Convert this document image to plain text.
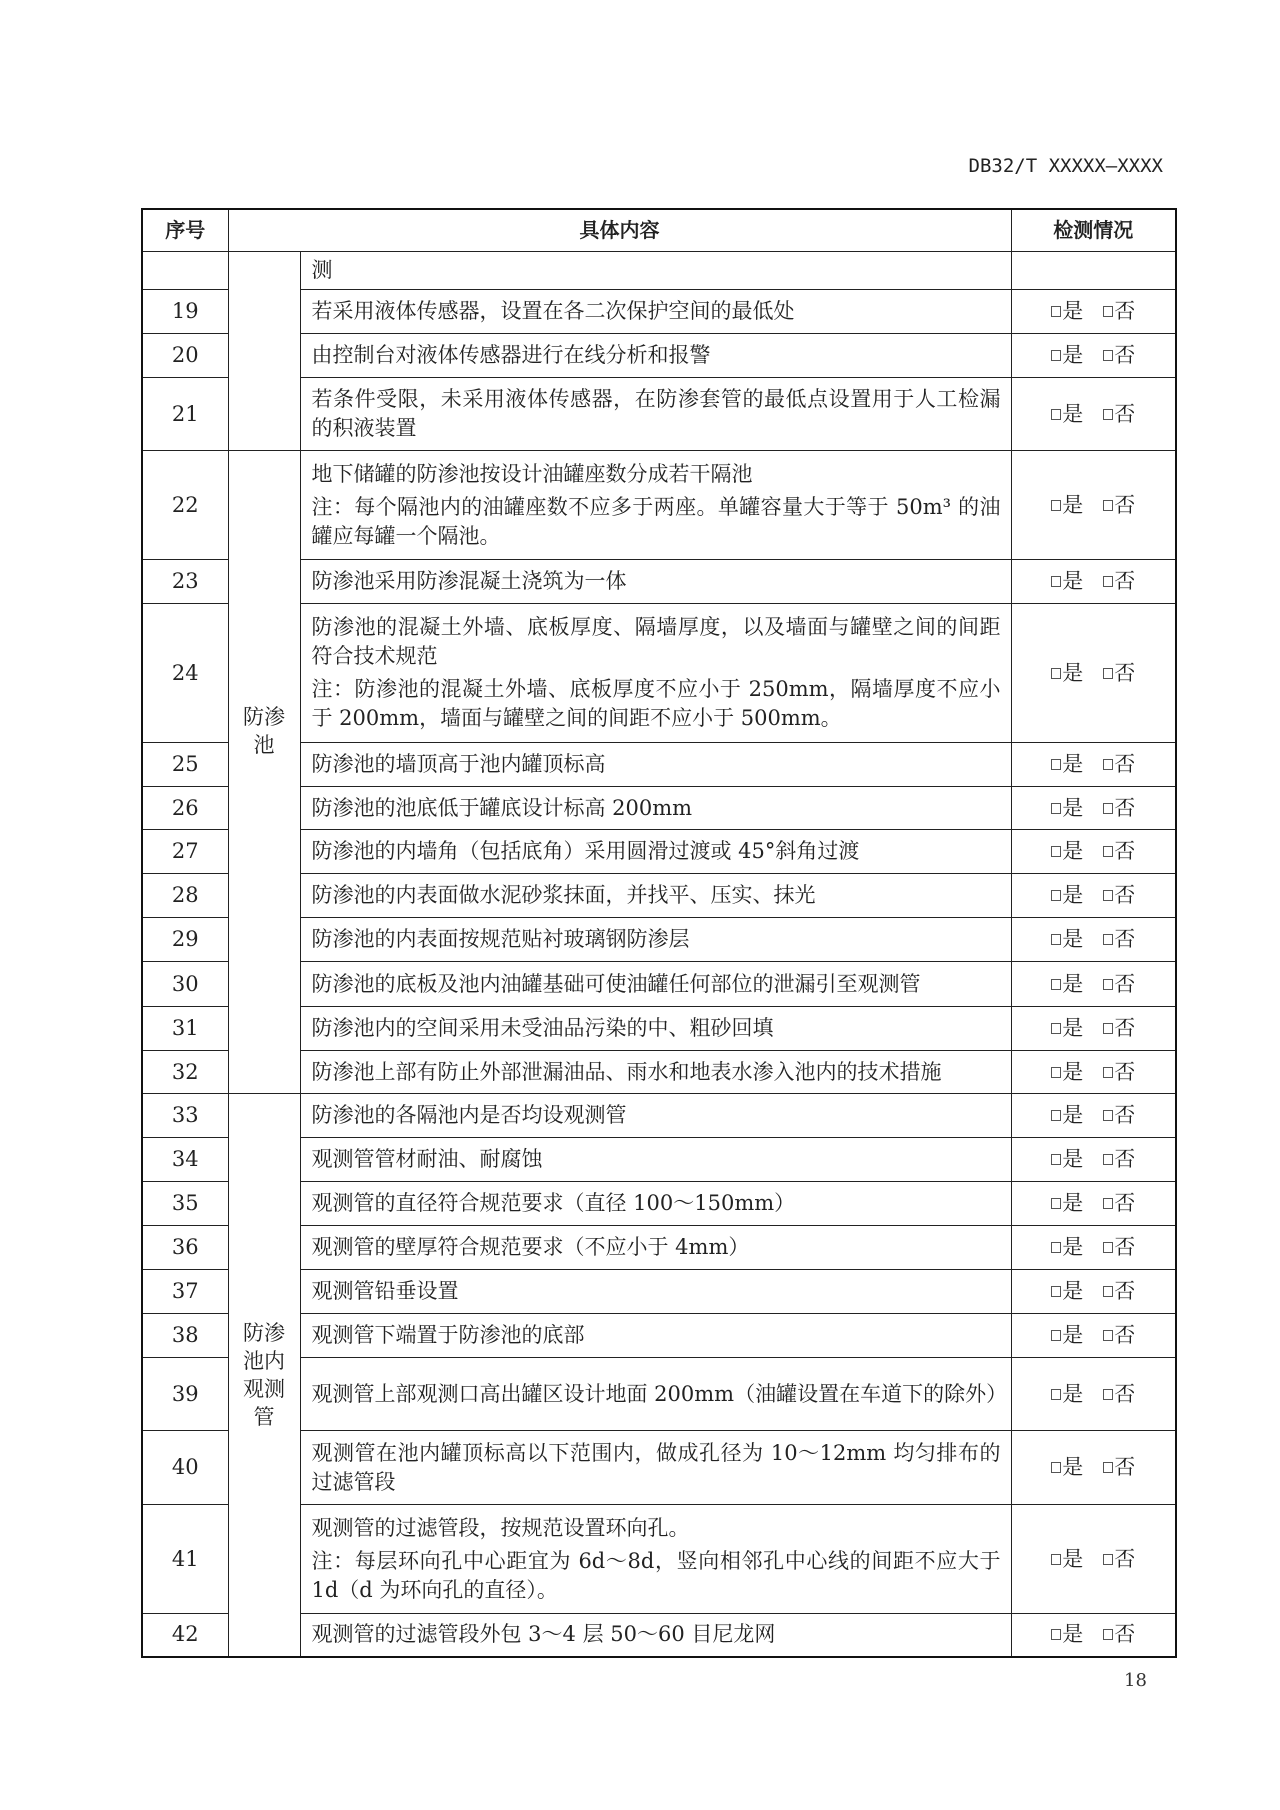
DB32/T XXXXX—XXXX
序号	具体内容		检测情况

		测	

19		若采用液体传感器，设置在各二次保护空间的最低处	是 否
20		由控制台对液体传感器进行在线分析和报警	是 否
21		若条件受限，未采用液体传感器，在防渗套管的最低点设置用于人工检漏的积液装置	是 否
22	防渗池	地下储罐的防渗池按设计油罐座数分成若干隔池

注：每个隔池内的油罐座数不应多于两座。单罐容量大于等于 50m³ 的油罐应每罐一个隔池。	是 否
23		防渗池采用防渗混凝土浇筑为一体	是 否
24		防渗池的混凝土外墙、底板厚度、隔墙厚度，以及墙面与罐壁之间的间距符合技术规范

注：防渗池的混凝土外墙、底板厚度不应小于 250mm，隔墙厚度不应小于 200mm，墙面与罐壁之间的间距不应小于 500mm。	是 否
25		防渗池的墙顶高于池内罐顶标高	是 否
26		防渗池的池底低于罐底设计标高 200mm	是 否
27		防渗池的内墙角（包括底角）采用圆滑过渡或 45°斜角过渡	是 否
28		防渗池的内表面做水泥砂浆抹面，并找平、压实、抹光	是 否
29		防渗池的内表面按规范贴衬玻璃钢防渗层	是 否
30		防渗池的底板及池内油罐基础可使油罐任何部位的泄漏引至观测管	是 否
31		防渗池内的空间采用未受油品污染的中、粗砂回填	是 否
32		防渗池上部有防止外部泄漏油品、雨水和地表水渗入池内的技术措施	是 否
33	防渗池内观测管	防渗池的各隔池内是否均设观测管	是 否
34		观测管管材耐油、耐腐蚀	是 否
35		观测管的直径符合规范要求（直径 100～150mm）	是 否
36		观测管的壁厚符合规范要求（不应小于 4mm）	是 否
37		观测管铅垂设置	是 否
38		观测管下端置于防渗池的底部	是 否
39		观测管上部观测口高出罐区设计地面 200mm（油罐设置在车道下的除外）	是 否
40		观测管在池内罐顶标高以下范围内，做成孔径为 10～12mm 均匀排布的过滤管段	是 否
41		观测管的过滤管段，按规范设置环向孔。

注：每层环向孔中心距宜为 6d～8d，竖向相邻孔中心线的间距不应大于 1d（d 为环向孔的直径）。	是 否
42		观测管的过滤管段外包 3～4 层 50～60 目尼龙网	是 否
18
